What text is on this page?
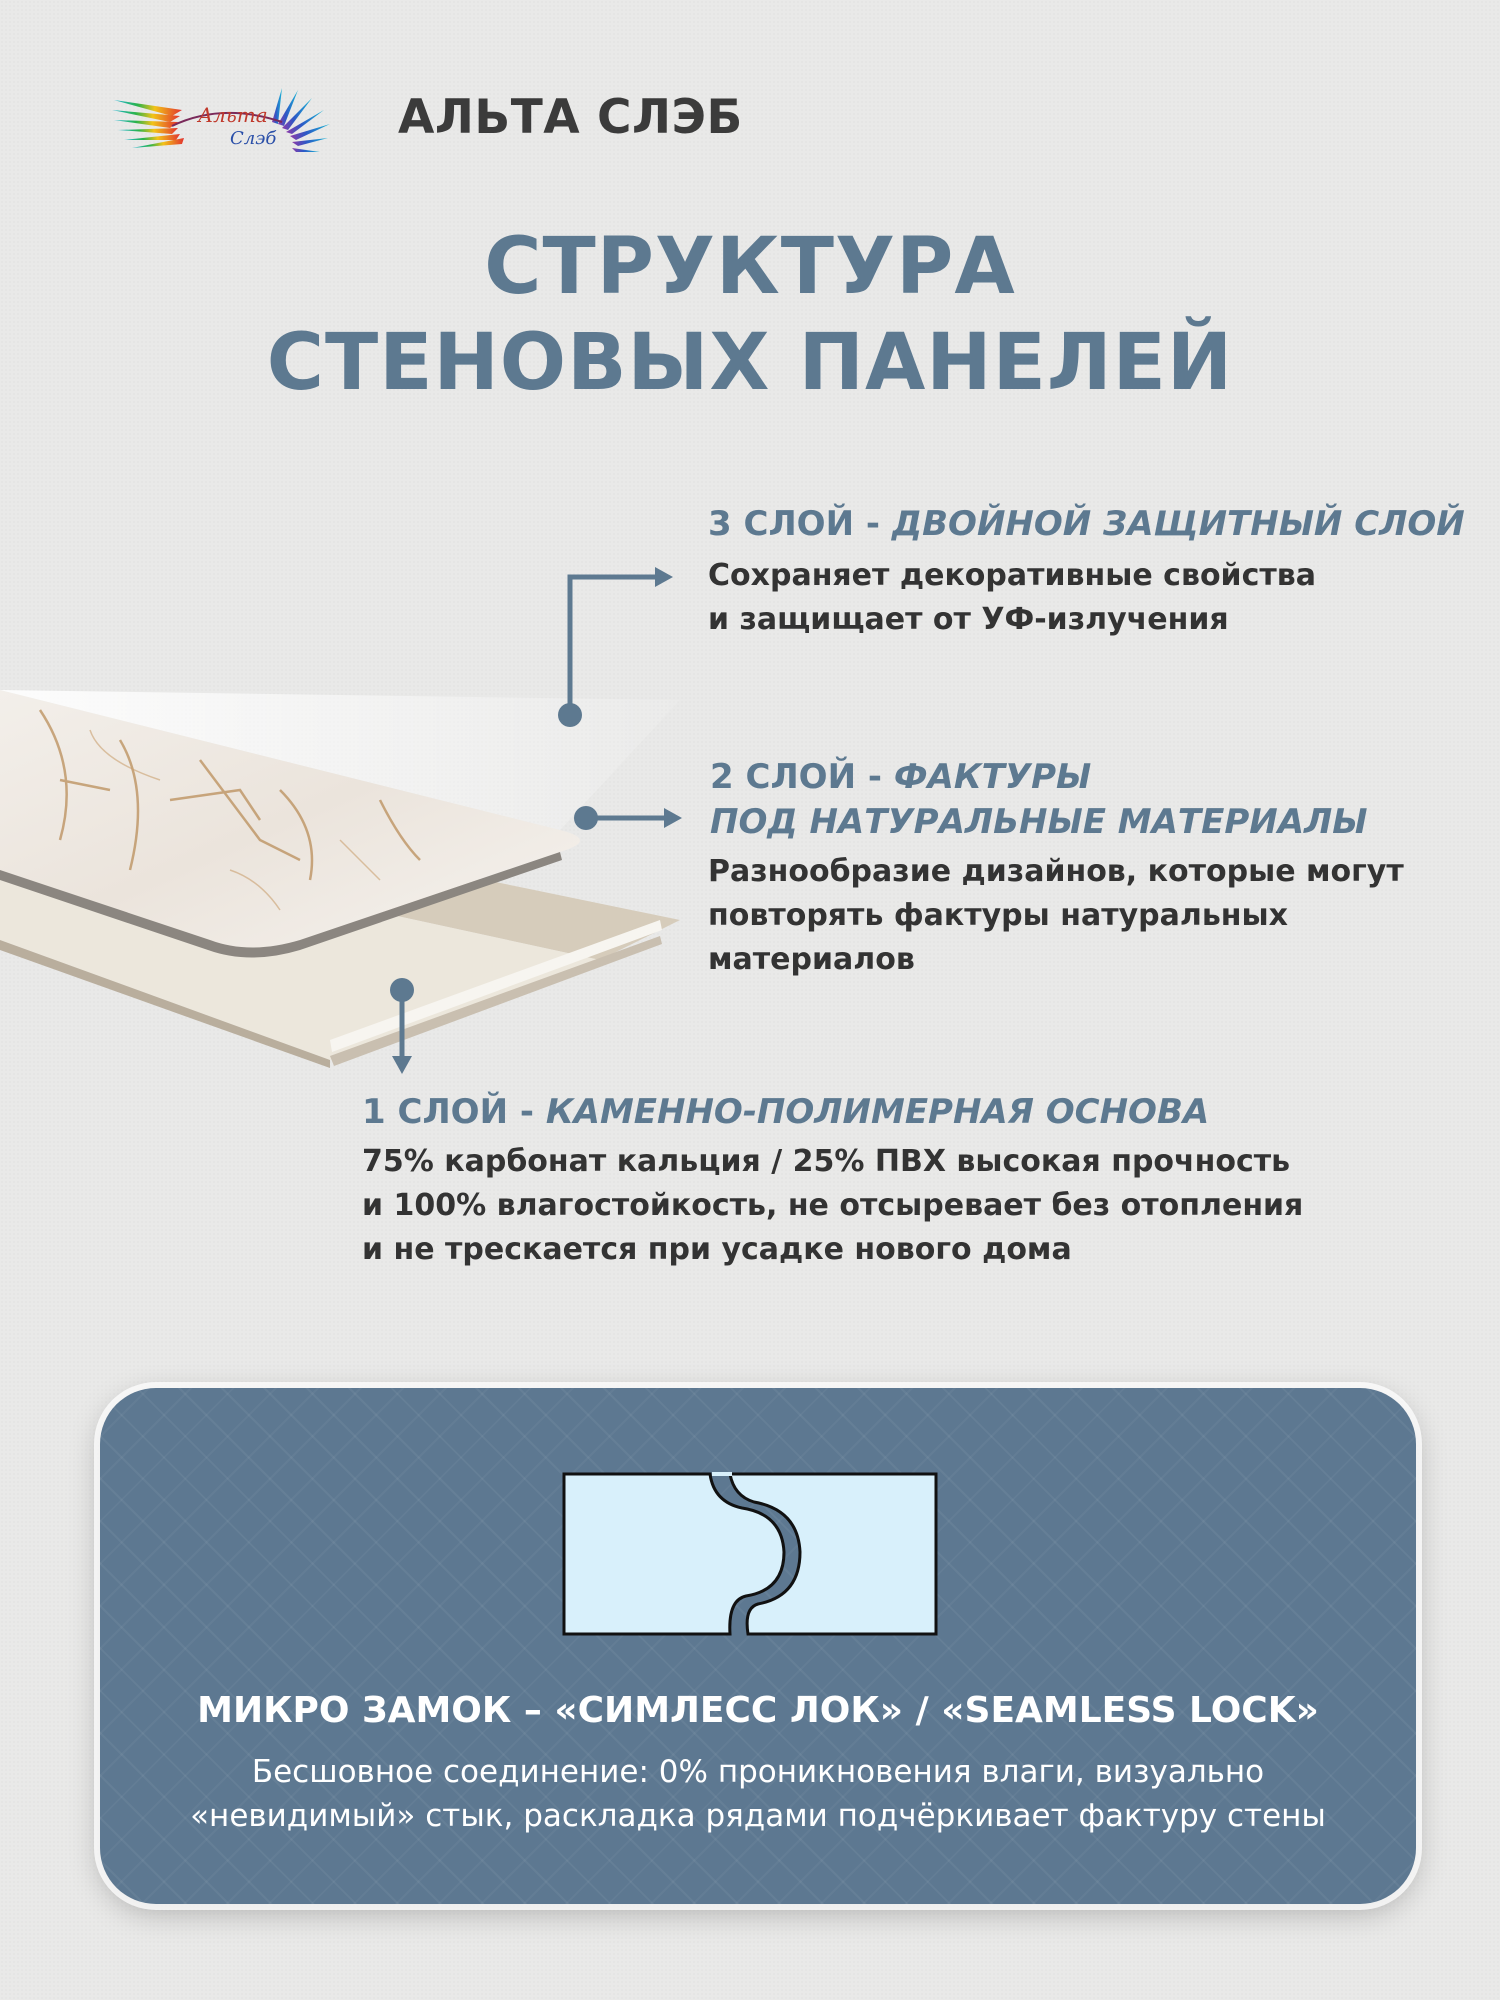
Альта
Слэб	АЛЬТА СЛЭБ
СТРУКТУРА
СТЕНОВЫХ ПАНЕЛЕЙ
3 СЛОЙ - ДВОЙНОЙ ЗАЩИТНЫЙ СЛОЙ
Сохраняет декоративные свойства
и защищает от УФ-излучения
2 СЛОЙ - ФАКТУРЫ
ПОД НАТУРАЛЬНЫЕ МАТЕРИАЛЫ
Разнообразие дизайнов, которые могут
повторять фактуры натуральных
материалов
1 СЛОЙ - КАМЕННО-ПОЛИМЕРНАЯ ОСНОВА
75% карбонат кальция / 25% ПВХ высокая прочность
и 100% влагостойкость, не отсыревает без отопления
и не трескается при усадке нового дома
МИКРО ЗАМОК – «СИМЛЕСС ЛОК» / «SEAMLESS LOCK»
Бесшовное соединение: 0% проникновения влаги, визуально
«невидимый» стык, раскладка рядами подчёркивает фактуру стены
